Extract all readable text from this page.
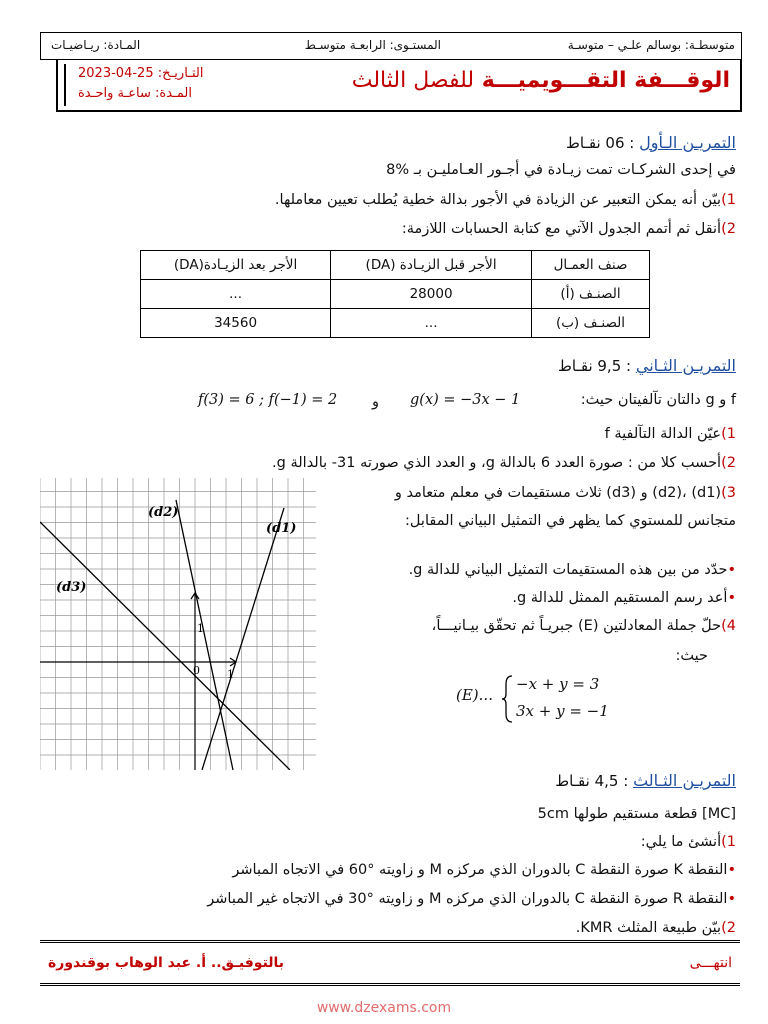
متوسطـة: بوسالم علـي – متوسـة
المستـوى: الرابعـة متوسـط
المـادة: ريـاضيـات
الوقـــفة التقـــويميـــة للفصل الثالث
التـاريـخ: 25-04-2023
المـدة: ساعـة واحـدة
التمريـن الـأول : 06 نقـاط
في إحدى الشركـات تمت زيـادة في أجـور العـامليـن بـ %8
1)بيّن أنه يمكن التعبير عن الزيادة في الأجور بدالة خطية يُطلب تعيين معاملها.
2)أنقل ثم أتمم الجدول الآتي مع كتابة الحسابات اللازمة:
صنف العمـال	الأجر قبل الزيـادة (DA)	الأجر بعد الزيـادة(DA)
الصنـف (أ)	28000	...
الصنـف (ب)	...	34560
التمريـن الثـاني : 9,5 نقـاط
f و g دالتان تآلفيتان حيث:
g(x) = −3x − 1
و
f(3) = 6 ; f(−1) = 2
1)عيّن الدالة التآلفية f
2)أحسب كلا من : صورة العدد 6 بالدالة g، و العدد الذي صورته 31- بالدالة g.
3)(d1) ،(d2) و (d3) ثلاث مستقيمات في معلم متعامد و
متجانس للمستوي كما يظهر في التمثيل البياني المقابل:
•حدّد من بين هذه المستقيمات التمثيل البياني للدالة g.
•أعد رسم المستقيم الممثل للدالة g.
4)حلّ جملة المعادلتين (E) جبريـاً ثم تحقّق بيـانيـــاً،
حيث:
(E)...
−x + y = 3
3x + y = −1
(d2)
(d1)
(d3)
0 1
1
التمريـن الثـالث : 4,5 نقـاط
[MC] قطعة مستقيم طولها 5cm
1)أنشئ ما يلي:
•النقطة K صورة النقطة C بالدوران الذي مركزه M و زاويته °60 في الاتجاه المباشر
•النقطة R صورة النقطة C بالدوران الذي مركزه M و زاويته °30 في الاتجاه غير المباشر
2)بيّن طبيعة المثلث KMR.
انتهـــى
بالتوفيـق.. أ. عبد الوهاب بوقندورة
www.dzexams.com
